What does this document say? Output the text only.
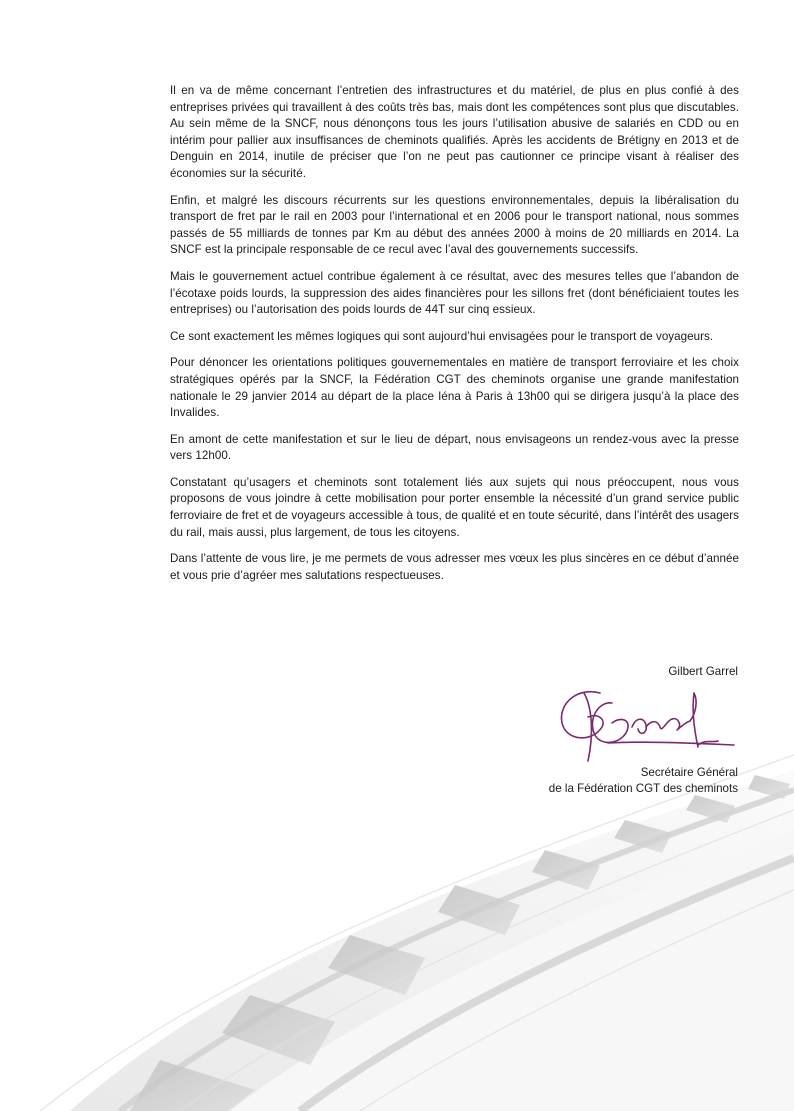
Il en va de même concernant l’entretien des infrastructures et du matériel, de plus en plus confié à des entreprises privées qui travaillent à des coûts très bas, mais dont les compétences sont plus que discutables. Au sein même de la SNCF, nous dénonçons tous les jours l’utilisation abusive de salariés en CDD ou en intérim pour pallier aux insuffisances de cheminots qualifiés. Après les accidents de Brétigny en 2013 et de Denguin en 2014, inutile de préciser que l’on ne peut pas cautionner ce principe visant à réaliser des économies sur la sécurité.

Enfin, et malgré les discours récurrents sur les questions environnementales, depuis la libéralisation du transport de fret par le rail en 2003 pour l’international et en 2006 pour le transport national, nous sommes passés de 55 milliards de tonnes par Km au début des années 2000 à moins de 20 milliards en 2014. La SNCF est la principale responsable de ce recul avec l’aval des gouvernements successifs.

Mais le gouvernement actuel contribue également à ce résultat, avec des mesures telles que l’abandon de l’écotaxe poids lourds, la suppression des aides financières pour les sillons fret (dont bénéficiaient toutes les entreprises) ou l’autorisation des poids lourds de 44T sur cinq essieux.

Ce sont exactement les mêmes logiques qui sont aujourd’hui envisagées pour le transport de voyageurs.

Pour dénoncer les orientations politiques gouvernementales en matière de transport ferroviaire et les choix stratégiques opérés par la SNCF, la Fédération CGT des cheminots organise une grande manifestation nationale le 29 janvier 2014 au départ de la place Iéna à Paris à 13h00 qui se dirigera jusqu’à la place des Invalides.

En amont de cette manifestation et sur le lieu de départ, nous envisageons un rendez-vous avec la presse vers 12h00.

Constatant qu’usagers et cheminots sont totalement liés aux sujets qui nous préoccupent, nous vous proposons de vous joindre à cette mobilisation pour porter ensemble la nécessité d’un grand service public ferroviaire de fret et de voyageurs accessible à tous, de qualité et en toute sécurité, dans l’intérêt des usagers du rail, mais aussi, plus largement, de tous les citoyens.

Dans l’attente de vous lire, je me permets de vous adresser mes vœux les plus sincères en ce début d’année et vous prie d’agréer mes salutations respectueuses.

Gilbert Garrel
Secrétaire Général
de la Fédération CGT des cheminots
